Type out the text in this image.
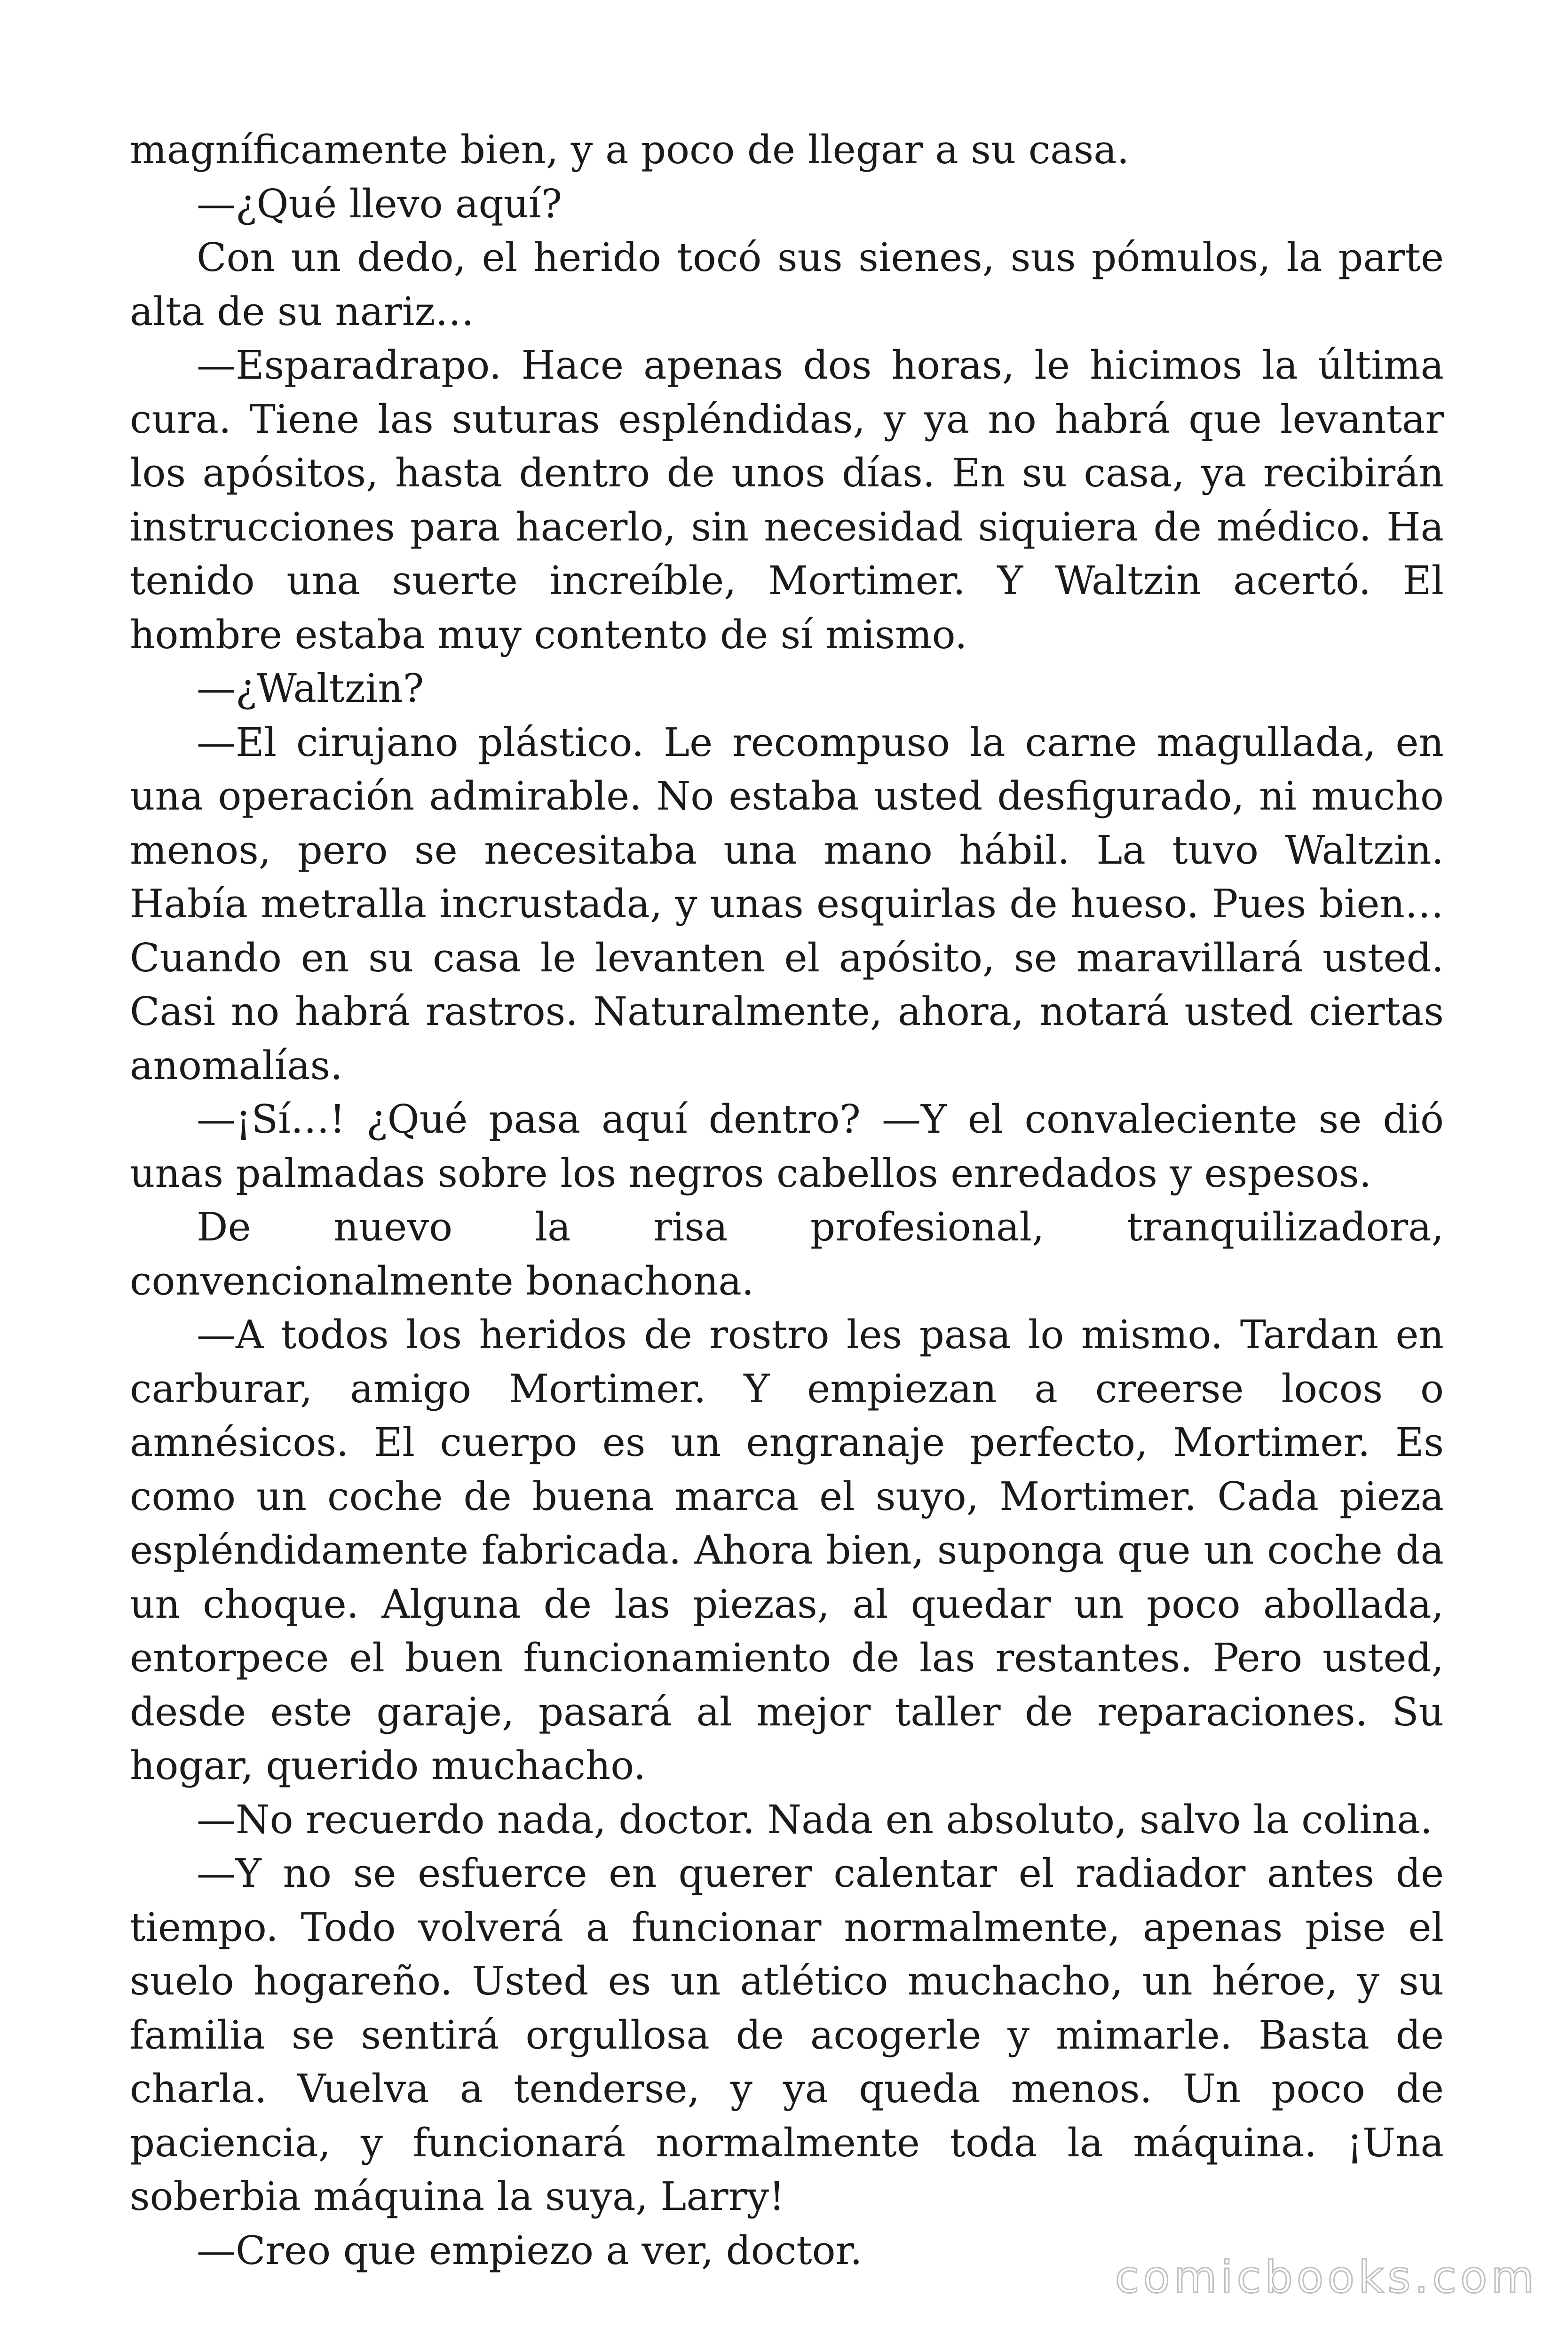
magníficamente bien, y a poco de llegar a su casa.

—¿Qué llevo aquí?

Con un dedo, el herido tocó sus sienes, sus pómulos, la parte alta de su nariz…

—Esparadrapo. Hace apenas dos horas, le hicimos la última cura. Tiene las suturas espléndidas, y ya no habrá que levantar los apósitos, hasta dentro de unos días. En su casa, ya recibirán instrucciones para hacerlo, sin necesidad siquiera de médico. Ha tenido una suerte increíble, Mortimer. Y Waltzin acertó. El hombre estaba muy contento de sí mismo.

—¿Waltzin?

—El cirujano plástico. Le recompuso la carne magullada, en una operación admirable. No estaba usted desfigurado, ni mucho menos, pero se necesitaba una mano hábil. La tuvo Waltzin. Había metralla incrustada, y unas esquirlas de hueso. Pues bien… Cuando en su casa le levanten el apósito, se maravillará usted. Casi no habrá rastros. Naturalmente, ahora, notará usted ciertas anomalías.

—¡Sí…! ¿Qué pasa aquí dentro? —Y el convaleciente se dió unas palmadas sobre los negros cabellos enredados y espesos.

De nuevo la risa profesional, tranquilizadora, convencionalmente bonachona.

—A todos los heridos de rostro les pasa lo mismo. Tardan en carburar, amigo Mortimer. Y empiezan a creerse locos o amnésicos. El cuerpo es un engranaje perfecto, Mortimer. Es como un coche de buena marca el suyo, Mortimer. Cada pieza espléndidamente fabricada. Ahora bien, suponga que un coche da un choque. Alguna de las piezas, al quedar un poco abollada, entorpece el buen funcionamiento de las restantes. Pero usted, desde este garaje, pasará al mejor taller de reparaciones. Su hogar, querido muchacho.

—No recuerdo nada, doctor. Nada en absoluto, salvo la colina.

—Y no se esfuerce en querer calentar el radiador antes de tiempo. Todo volverá a funcionar normalmente, apenas pise el suelo hogareño. Usted es un atlético muchacho, un héroe, y su familia se sentirá orgullosa de acogerle y mimarle. Basta de charla. Vuelva a tenderse, y ya queda menos. Un poco de paciencia, y funcionará normalmente toda la máquina. ¡Una soberbia máquina la suya, Larry!

—Creo que empiezo a ver, doctor.

comicbooks.com
